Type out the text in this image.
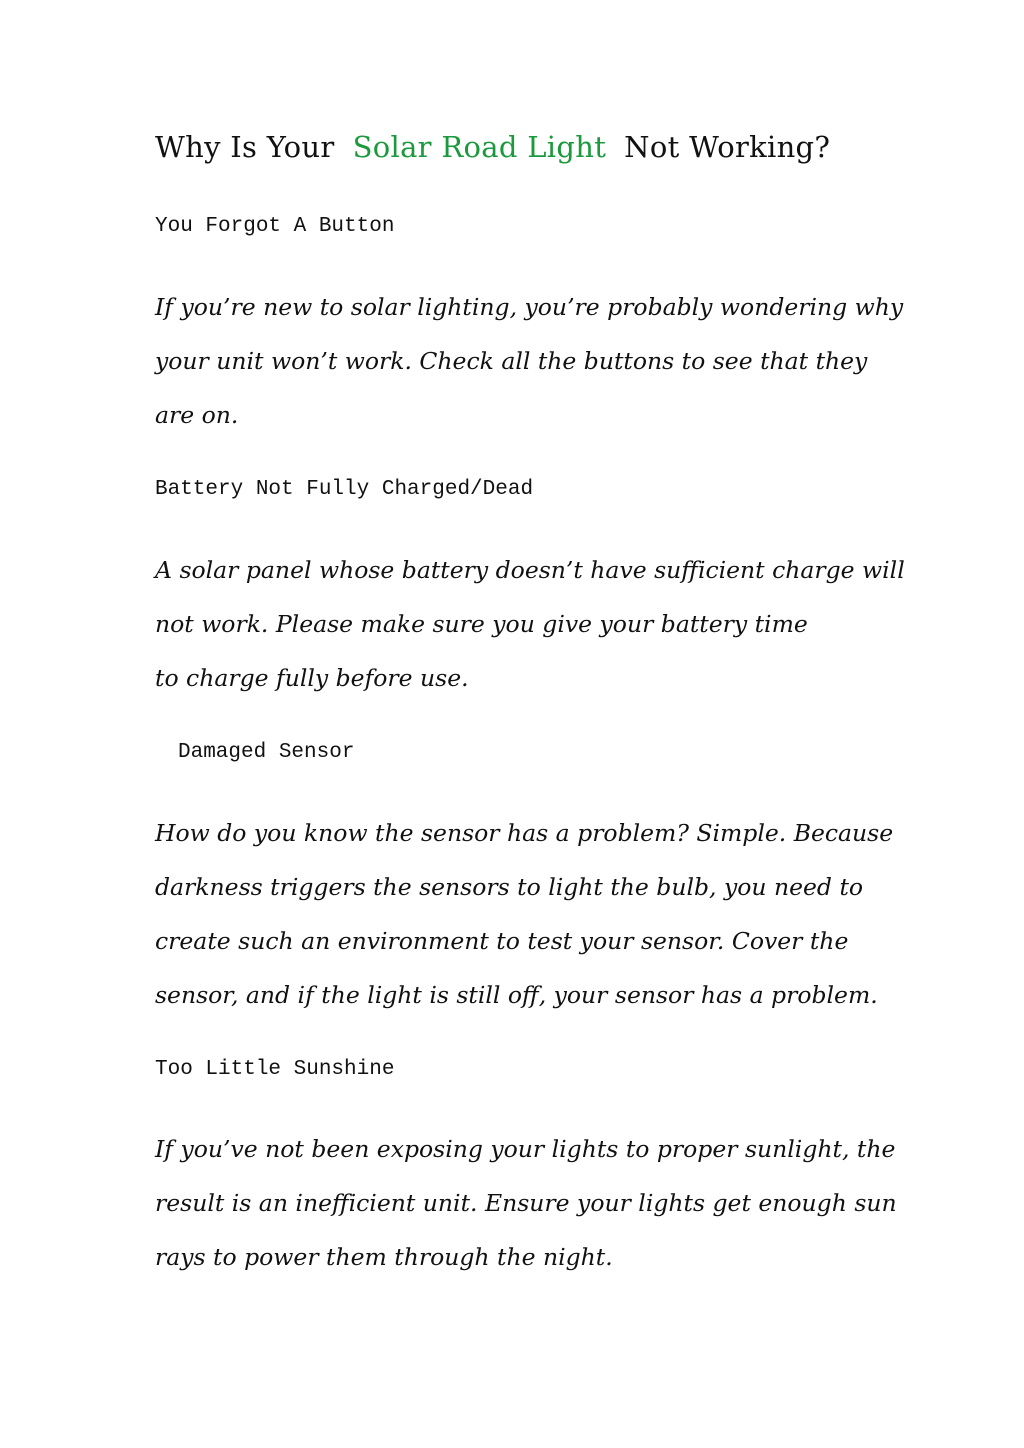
Why Is Your Solar Road Light Not Working?
You Forgot A Button
If you’re new to solar lighting, you’re probably wondering why
your unit won’t work. Check all the buttons to see that they
are on.
Battery Not Fully Charged/Dead
A solar panel whose battery doesn’t have sufficient charge will
not work. Please make sure you give your battery time
to charge fully before use.
Damaged Sensor
How do you know the sensor has a problem? Simple. Because
darkness triggers the sensors to light the bulb, you need to
create such an environment to test your sensor. Cover the
sensor, and if the light is still off, your sensor has a problem.
Too Little Sunshine
If you’ve not been exposing your lights to proper sunlight, the
result is an inefficient unit. Ensure your lights get enough sun
rays to power them through the night.
